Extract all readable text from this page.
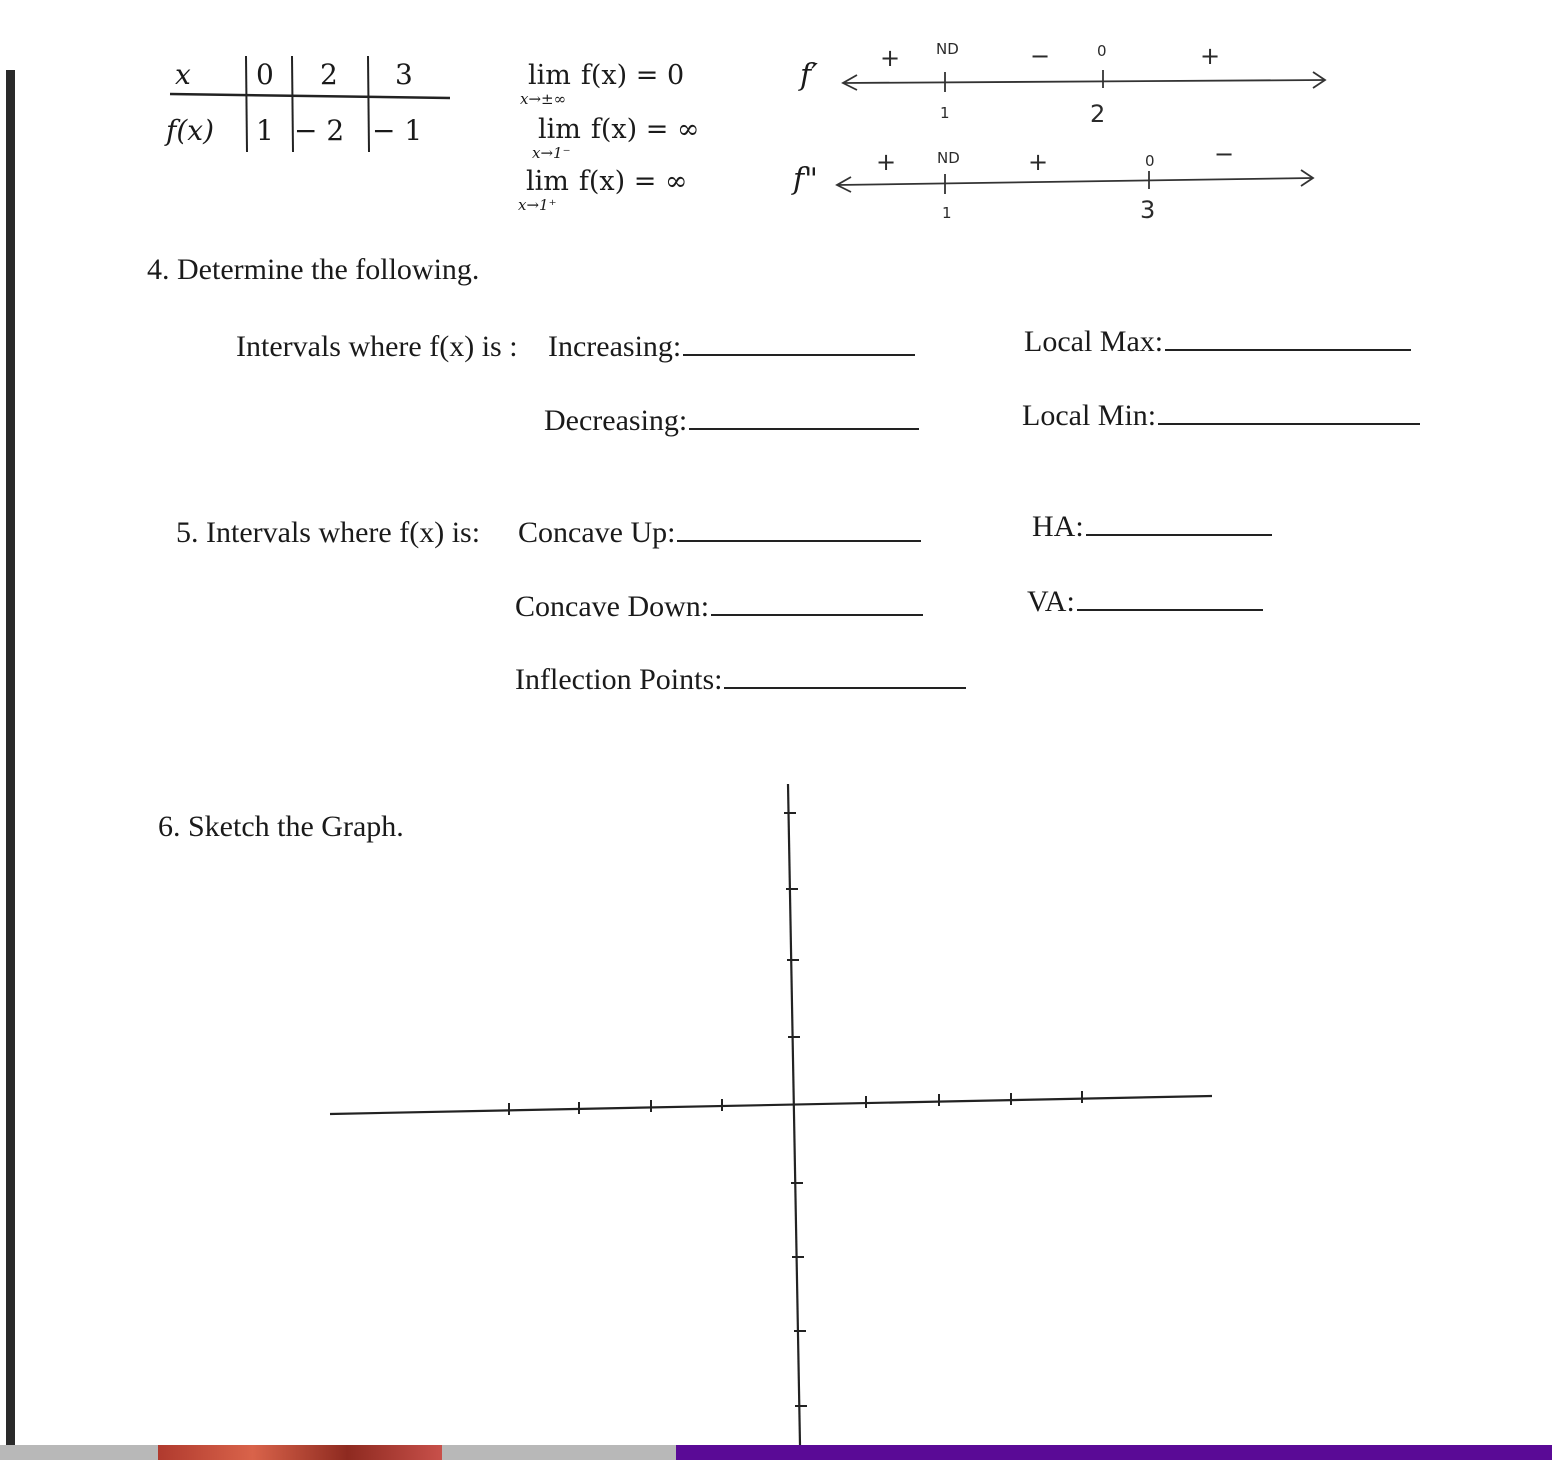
x 0 2 3
f(x) 1 − 2 − 1
lim
x→±∞
f(x) = 0
lim
x→1⁻
f(x) = ∞
lim
x→1⁺
f(x) = ∞
f′	+ ND	−	0	+
1	2
f" +	ND	+	0 −
1	3
4. Determine the following.
Intervals where f(x) is : Increasing:
Decreasing:
Local Max:
Local Min:
5. Intervals where f(x) is: Concave Up:
Concave Down:
Inflection Points:
HA:
VA:
6. Sketch the Graph.
